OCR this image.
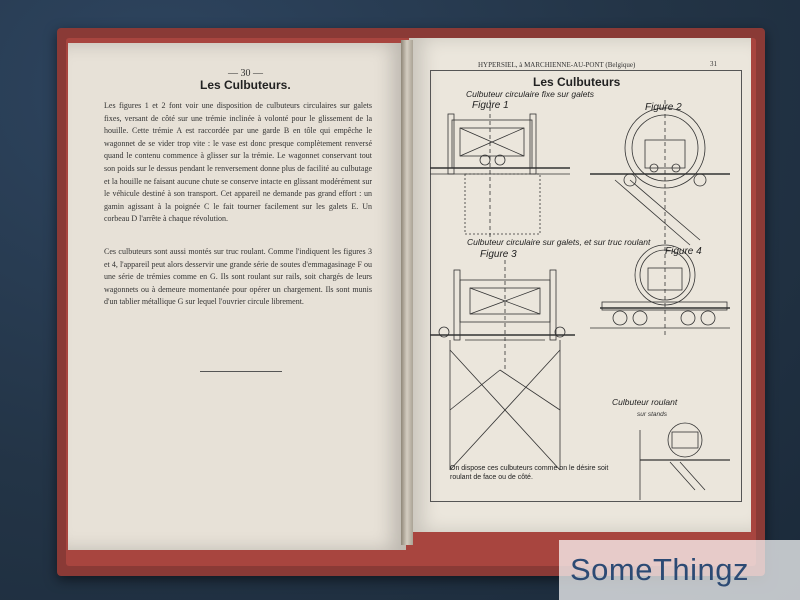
— 30 —
Les Culbuteurs.
Les figures 1 et 2 font voir une disposition de culbuteurs circulaires sur galets fixes, versant de côté sur une trémie inclinée à volonté pour le glissement de la houille. Cette trémie A est raccordée par une garde B en tôle qui empêche le wagonnet de se vider trop vite : le vase est donc presque complètement renversé quand le contenu commence à glisser sur la trémie. Le wagonnet conservant tout son poids sur le dessus pendant le renversement donne plus de facilité au culbutage et la houille ne faisant aucune chute se conserve intacte en glissant modérément sur le véhicule destiné à son transport. Cet appareil ne demande pas grand effort : un gamin agissant à la poignée C le fait tourner facilement sur les galets E. Un corbeau D l'arrête à chaque révolution.
Ces culbuteurs sont aussi montés sur truc roulant. Comme l'indiquent les figures 3 et 4, l'appareil peut alors desservir une grande série de soutes d'emmagasinage F ou une série de trémies comme en G. Ils sont roulant sur rails, soit chargés de leurs wagonnets ou à demeure momentanée pour opérer un chargement. Ils sont munis d'un tablier métallique G sur lequel l'ouvrier circule librement.
HYPERSIEL, à MARCHIENNE-AU-PONT (Belgique)	31
Les Culbuteurs
Culbuteur circulaire fixe sur galets
Figure 1	Figure 2
Culbuteur circulaire sur galets, et sur truc roulant
Figure 3	Figure 4
Culbuteur roulant
sur stands
On dispose ces culbuteurs comme on le désire soit roulant de face ou de côté.
SomeThingz
